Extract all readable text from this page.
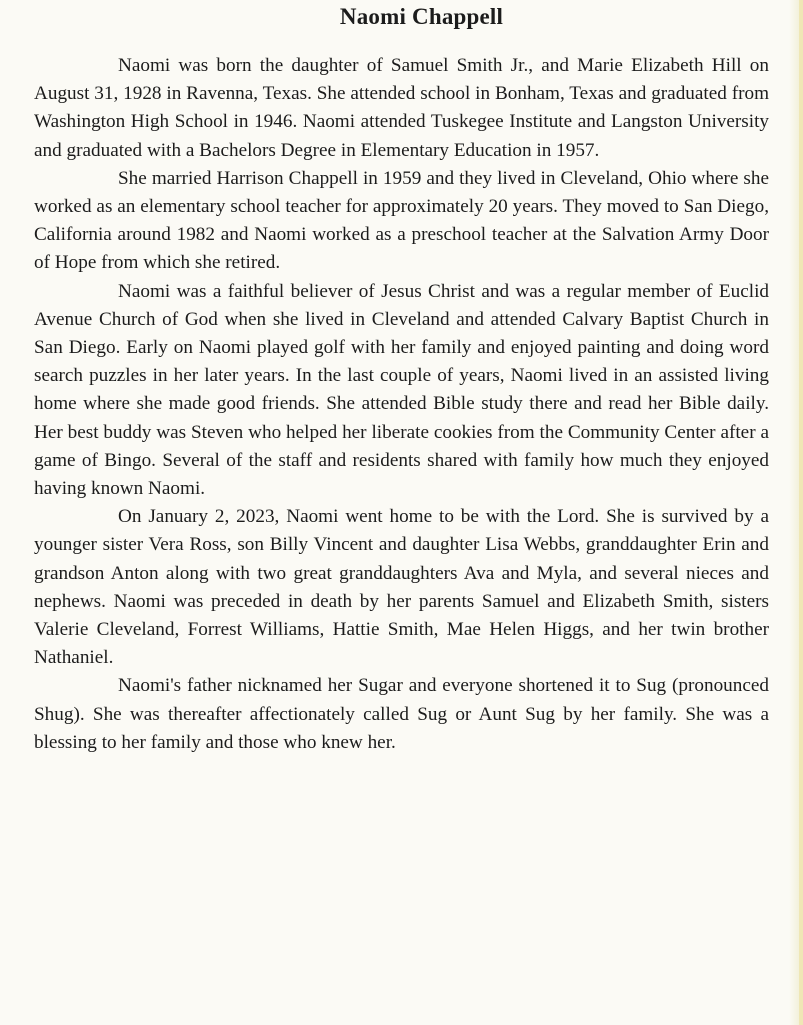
Naomi Chappell

Naomi was born the daughter of Samuel Smith Jr., and Marie Elizabeth Hill on August 31, 1928 in Ravenna, Texas. She attended school in Bonham, Texas and graduated from Washington High School in 1946. Naomi attended Tuskegee Institute and Langston University and graduated with a Bachelors Degree in Elementary Education in 1957.

She married Harrison Chappell in 1959 and they lived in Cleveland, Ohio where she worked as an elementary school teacher for approximately 20 years. They moved to San Diego, California around 1982 and Naomi worked as a preschool teacher at the Salvation Army Door of Hope from which she retired.

Naomi was a faithful believer of Jesus Christ and was a regular member of Euclid Avenue Church of God when she lived in Cleveland and attended Calvary Baptist Church in San Diego. Early on Naomi played golf with her family and enjoyed painting and doing word search puzzles in her later years. In the last couple of years, Naomi lived in an assisted living home where she made good friends. She attended Bible study there and read her Bible daily. Her best buddy was Steven who helped her liberate cookies from the Community Center after a game of Bingo. Several of the staff and residents shared with family how much they enjoyed having known Naomi.

On January 2, 2023, Naomi went home to be with the Lord. She is survived by a younger sister Vera Ross, son Billy Vincent and daughter Lisa Webbs, granddaughter Erin and grandson Anton along with two great granddaughters Ava and Myla, and several nieces and nephews. Naomi was preceded in death by her parents Samuel and Elizabeth Smith, sisters Valerie Cleveland, Forrest Williams, Hattie Smith, Mae Helen Higgs, and her twin brother Nathaniel.

Naomi's father nicknamed her Sugar and everyone shortened it to Sug (pronounced Shug). She was thereafter affectionately called Sug or Aunt Sug by her family. She was a blessing to her family and those who knew her.
